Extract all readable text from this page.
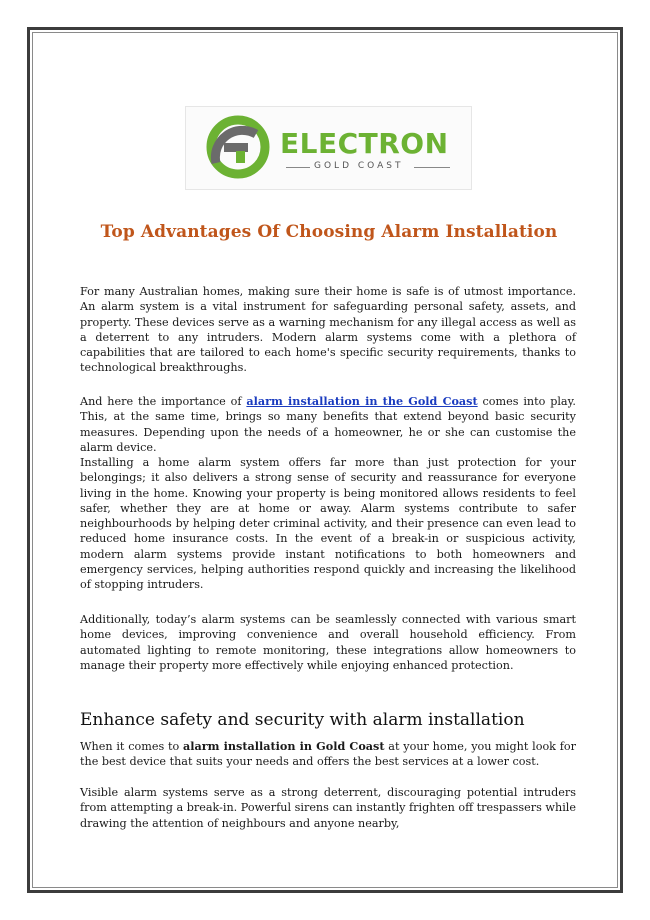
ELECTRON
GOLD COAST
Top Advantages Of Choosing Alarm Installation

For many Australian homes, making sure their home is safe is of utmost importance. An alarm system is a vital instrument for safeguarding personal safety, assets, and property. These devices serve as a warning mechanism for any illegal access as well as a deterrent to any intruders. Modern alarm systems come with a plethora of capabilities that are tailored to each home's specific security requirements, thanks to technological breakthroughs.

And here the importance of alarm installation in the Gold Coast comes into play. This, at the same time, brings so many benefits that extend beyond basic security measures. Depending upon the needs of a homeowner, he or she can customise the alarm device.

Installing a home alarm system offers far more than just protection for your belongings; it also delivers a strong sense of security and reassurance for everyone living in the home. Knowing your property is being monitored allows residents to feel safer, whether they are at home or away. Alarm systems contribute to safer neighbourhoods by helping deter criminal activity, and their presence can even lead to reduced home insurance costs. In the event of a break-in or suspicious activity, modern alarm systems provide instant notifications to both homeowners and emergency services, helping authorities respond quickly and increasing the likelihood of stopping intruders.

Additionally, today’s alarm systems can be seamlessly connected with various smart home devices, improving convenience and overall household efficiency. From automated lighting to remote monitoring, these integrations allow homeowners to manage their property more effectively while enjoying enhanced protection.

Enhance safety and security with alarm installation

When it comes to alarm installation in Gold Coast at your home, you might look for the best device that suits your needs and offers the best services at a lower cost.

Visible alarm systems serve as a strong deterrent, discouraging potential intruders from attempting a break-in. Powerful sirens can instantly frighten off trespassers while drawing the attention of neighbours and anyone nearby,
